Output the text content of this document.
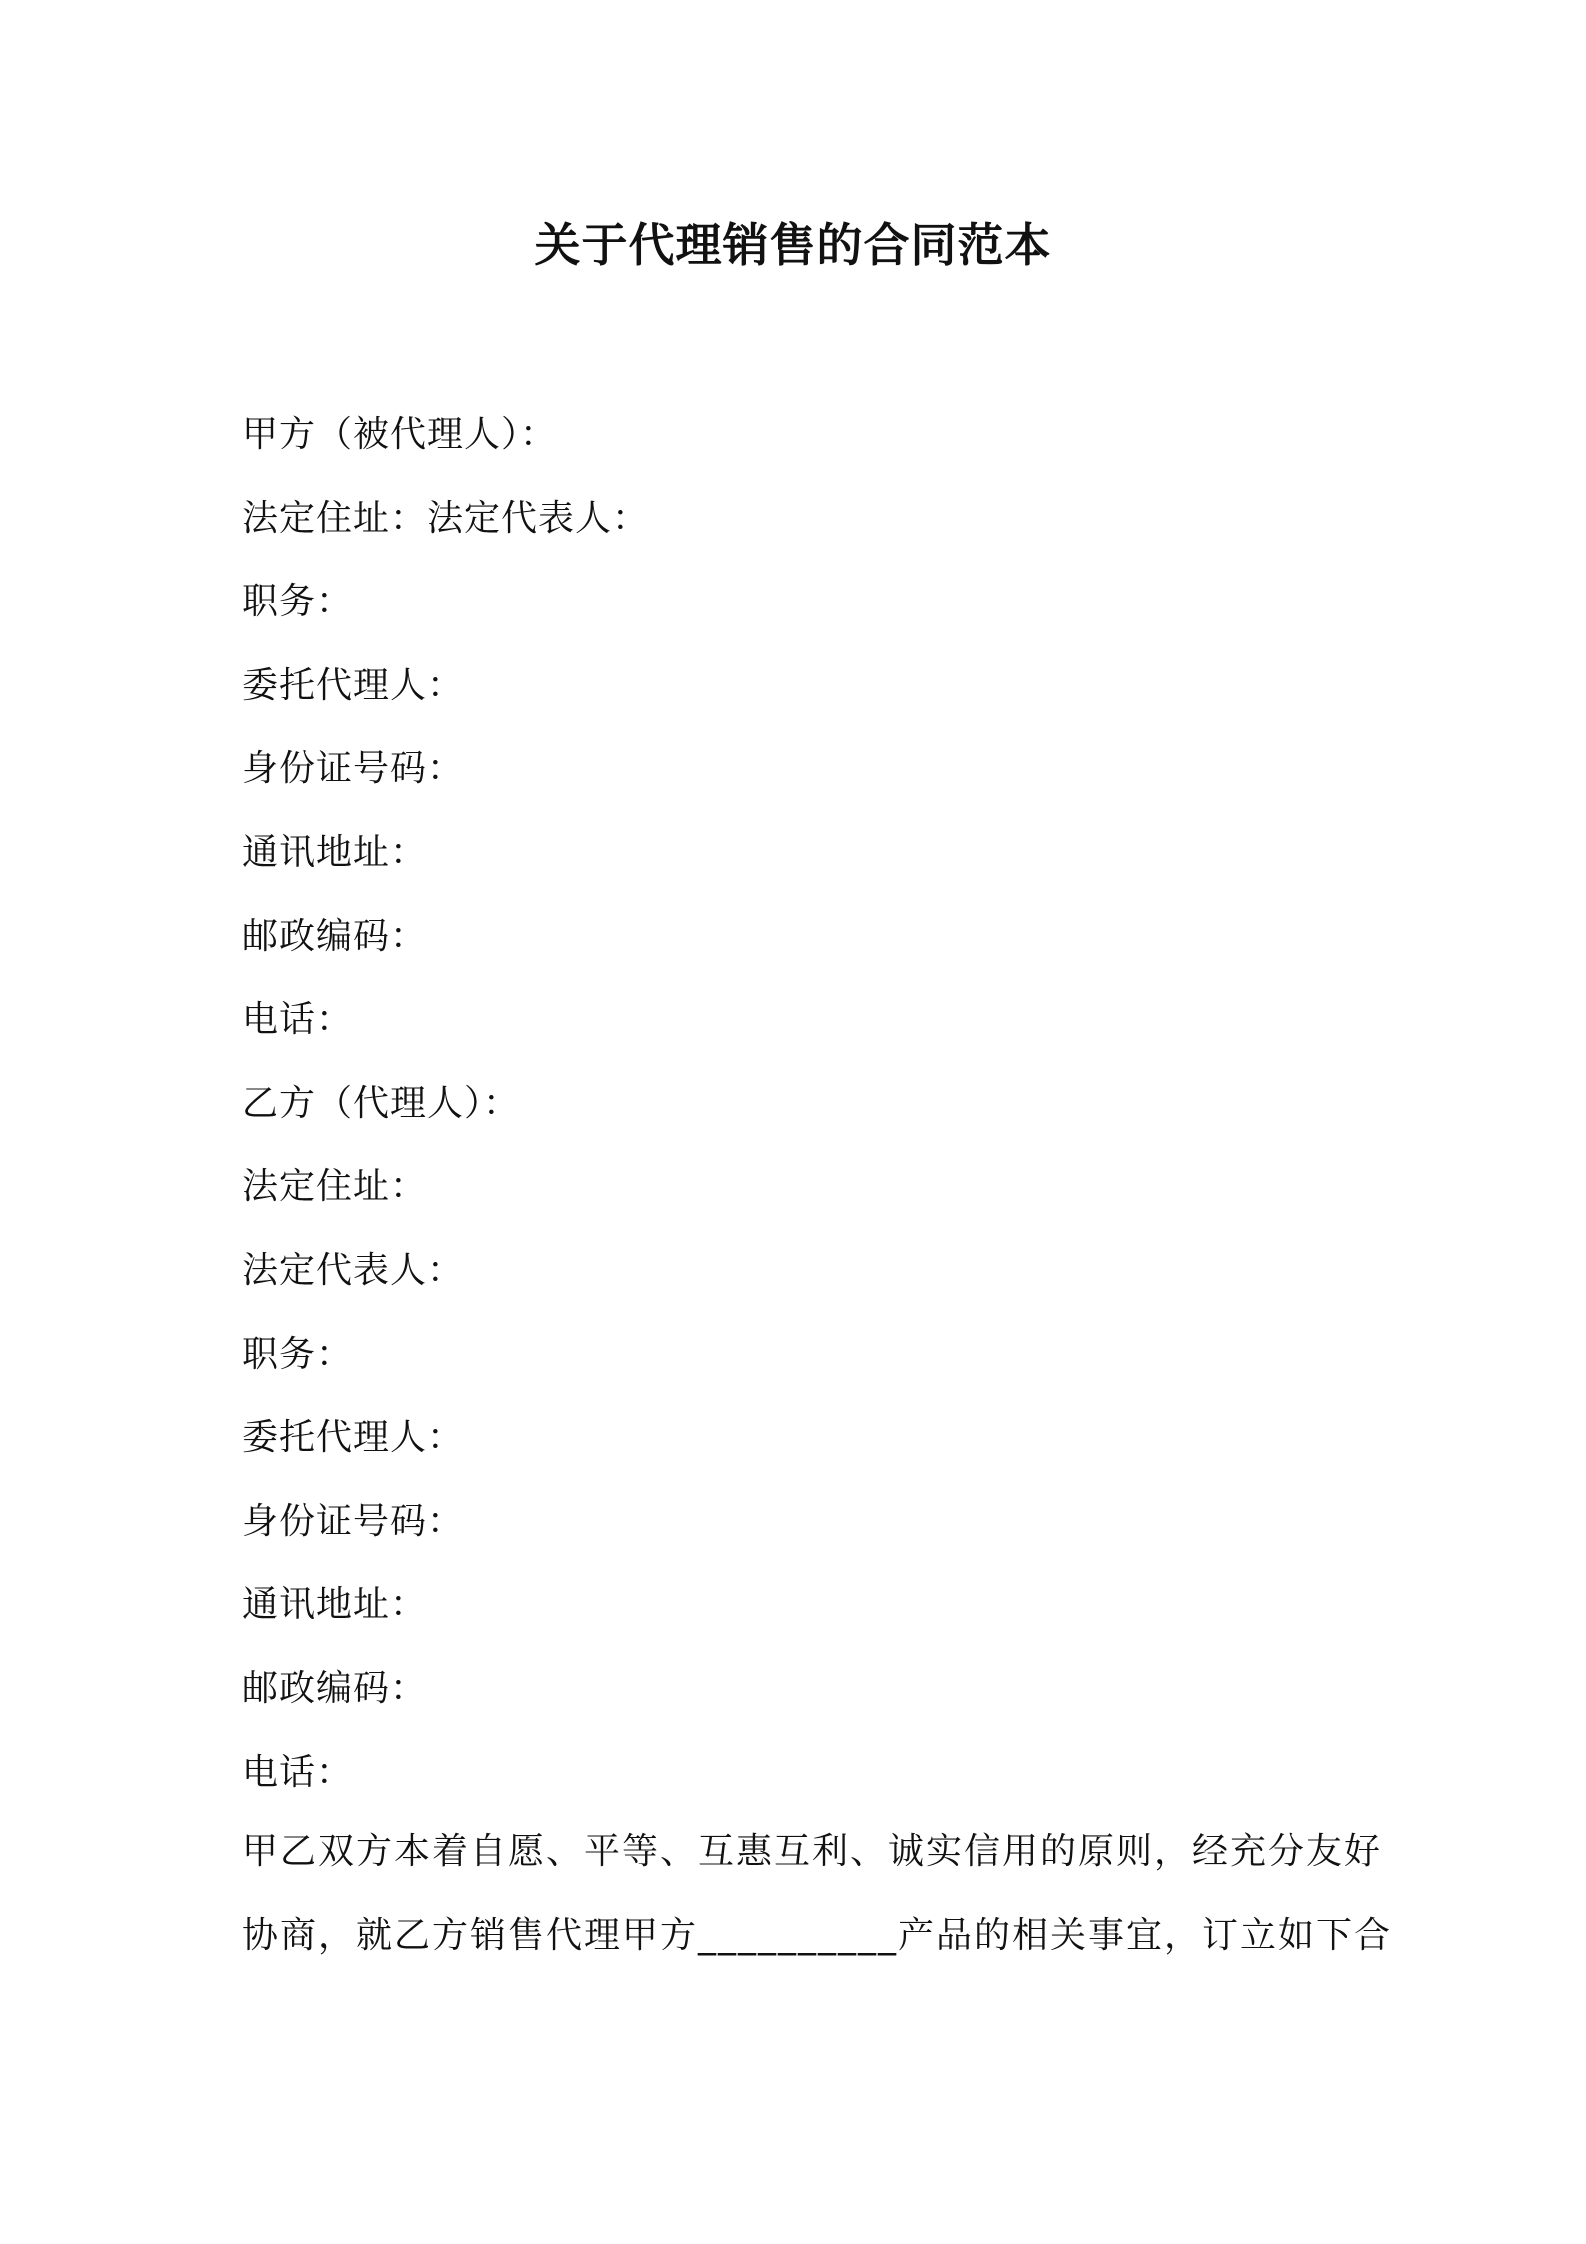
关于代理销售的合同范本
甲方（被代理人）：
法定住址：法定代表人：
职务：
委托代理人：
身份证号码：
通讯地址：
邮政编码：
电话：
乙方（代理人）：
法定住址：
法定代表人：
职务：
委托代理人：
身份证号码：
通讯地址：
邮政编码：
电话：
甲乙双方本着自愿、平等、互惠互利、诚实信用的原则，经充分友好
协商，就乙方销售代理甲方__________产品的相关事宜，订立如下合
